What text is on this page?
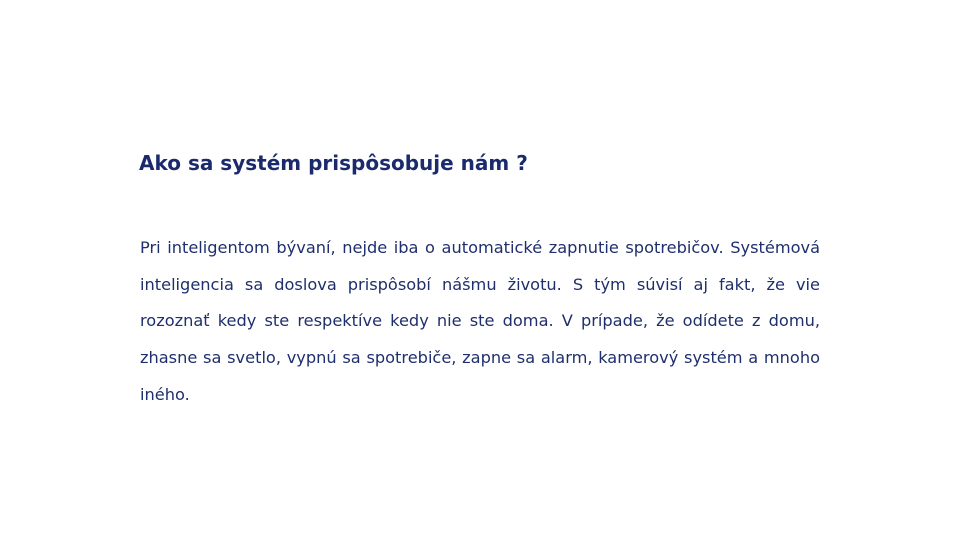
Ako sa systém prispôsobuje nám ?

Pri inteligentom bývaní, nejde iba o automatické zapnutie spotrebičov. Systémová inteligencia sa doslova prispôsobí nášmu životu. S tým súvisí aj fakt, že vie rozoznať kedy ste respektíve kedy nie ste doma. V prípade, že odídete z domu, zhasne sa svetlo, vypnú sa spotrebiče, zapne sa alarm, kamerový systém a mnoho iného.
